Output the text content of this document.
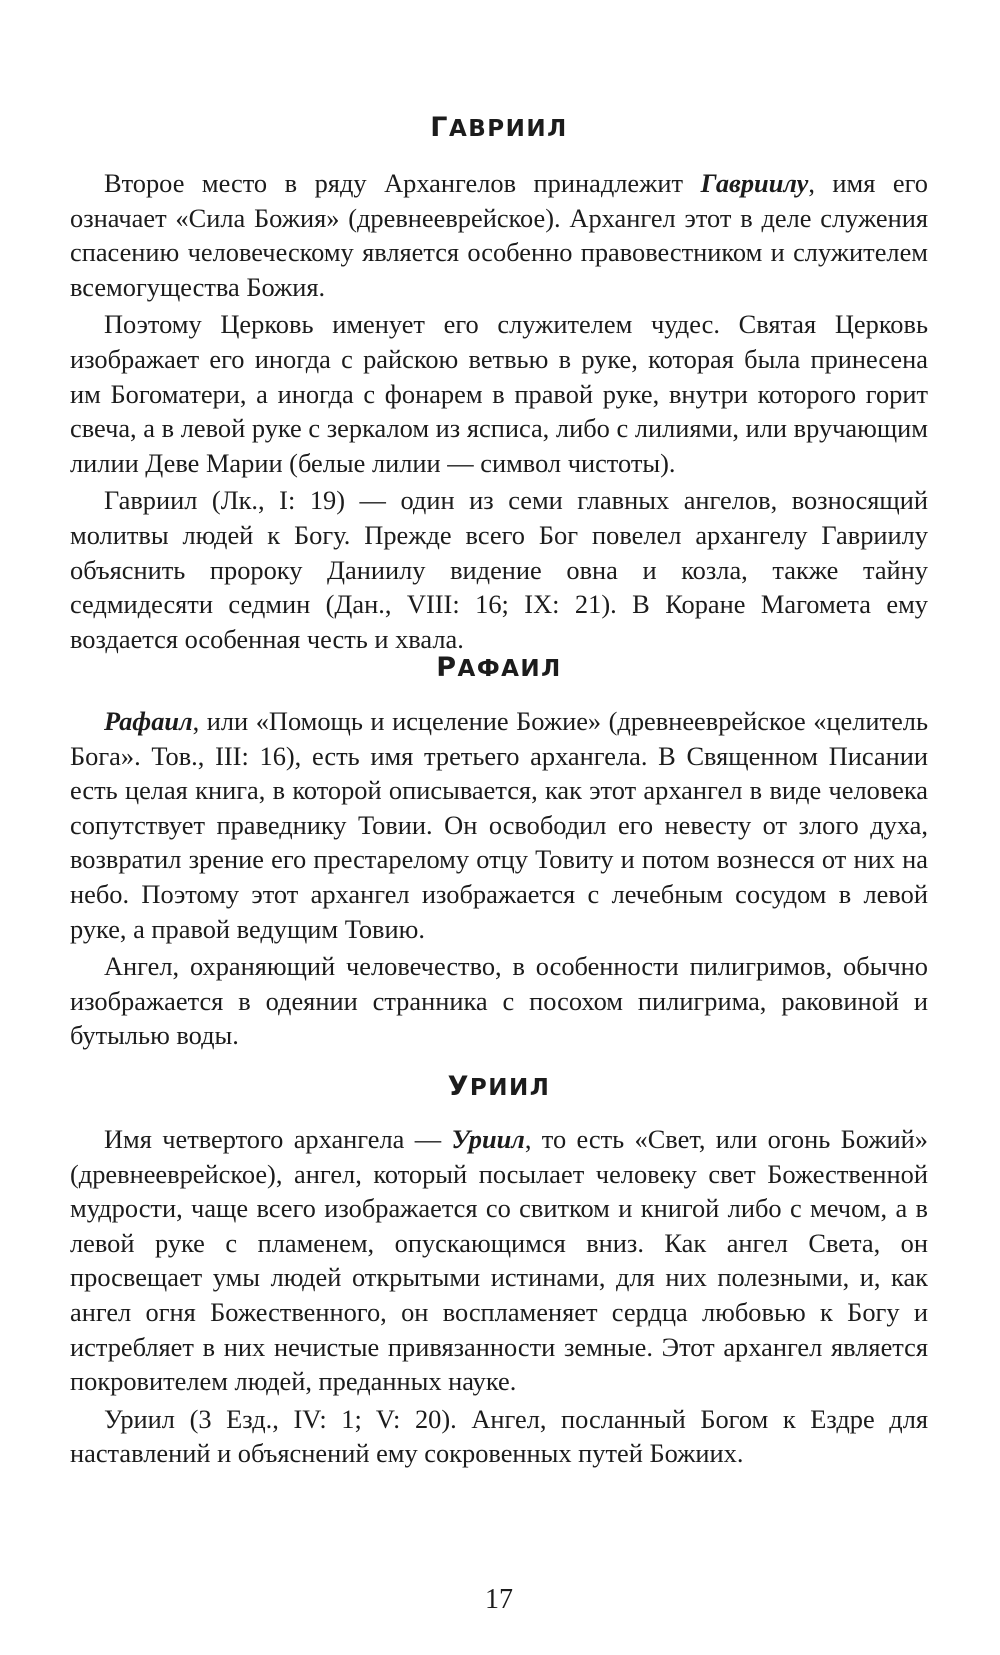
ГАВРИИЛ

Второе место в ряду Архангелов принадлежит Гавриилу, имя его означает «Сила Божия» (древнееврейское). Архангел этот в деле служения спасению человеческому является особенно правовестником и служителем всемогущества Божия.

Поэтому Церковь именует его служителем чудес. Святая Церковь изображает его иногда с райскою ветвью в руке, которая была принесена им Богоматери, а иногда с фонарем в правой руке, внутри которого горит свеча, а в левой руке с зеркалом из ясписа, либо с лилиями, или вручающим лилии Деве Марии (белые лилии — символ чистоты).

Гавриил (Лк., I: 19) — один из семи главных ангелов, возносящий молитвы людей к Богу. Прежде всего Бог повелел архангелу Гавриилу объяснить пророку Даниилу видение овна и козла, также тайну седмидесяти седмин (Дан., VIII: 16; IX: 21). В Коране Магомета ему воздается особенная честь и хвала.

РАФАИЛ

Рафаил, или «Помощь и исцеление Божие» (древнееврейское «целитель Бога». Тов., III: 16), есть имя третьего архангела. В Священном Писании есть целая книга, в которой описывается, как этот архангел в виде человека сопутствует праведнику Товии. Он освободил его невесту от злого духа, возвратил зрение его престарелому отцу Товиту и потом вознесся от них на небо. Поэтому этот архангел изображается с лечебным сосудом в левой руке, а правой ведущим Товию.

Ангел, охраняющий человечество, в особенности пилигримов, обычно изображается в одеянии странника с посохом пилигрима, раковиной и бутылью воды.

УРИИЛ

Имя четвертого архангела — Уриил, то есть «Свет, или огонь Божий» (древнееврейское), ангел, который посылает человеку свет Божественной мудрости, чаще всего изображается со свитком и книгой либо с мечом, а в левой руке с пламенем, опускающимся вниз. Как ангел Света, он просвещает умы людей открытыми истинами, для них полезными, и, как ангел огня Божественного, он воспламеняет сердца любовью к Богу и истребляет в них нечистые привязанности земные. Этот архангел является покровителем людей, преданных науке.

Уриил (3 Езд., IV: 1; V: 20). Ангел, посланный Богом к Ездре для наставлений и объяснений ему сокровенных путей Божиих.

17
